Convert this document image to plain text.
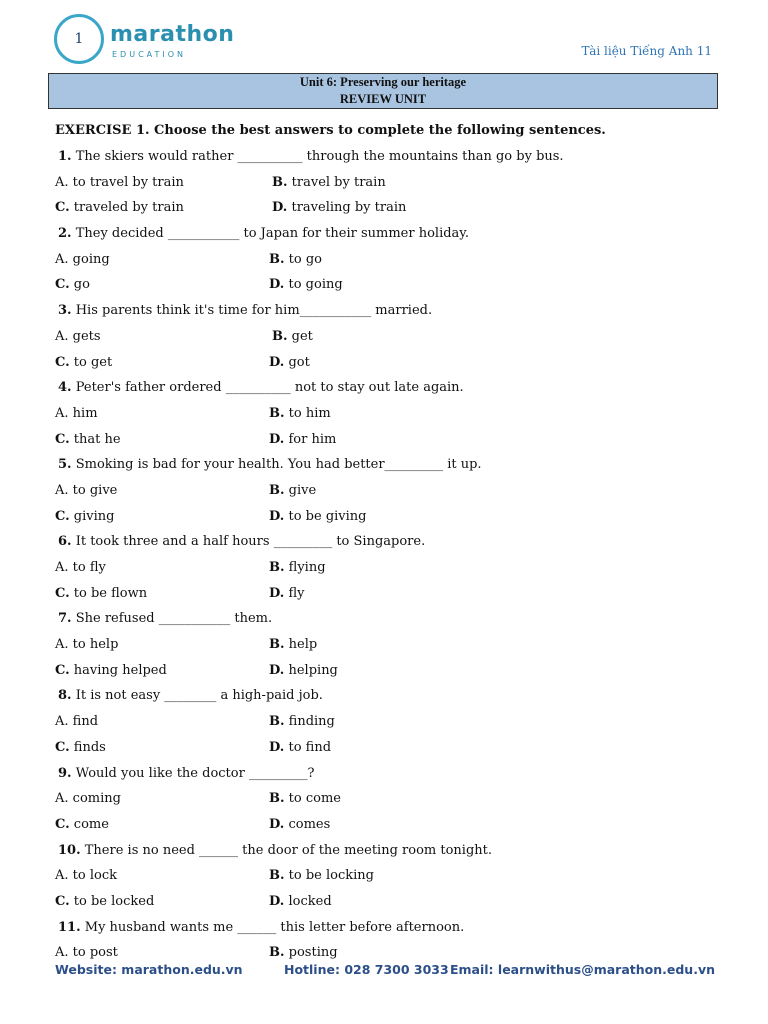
1 marathon
EDUCATION	Tài liệu Tiếng Anh 11
Unit 6: Preserving our heritage
REVIEW UNIT
EXERCISE 1. Choose the best answers to complete the following sentences.
1. The skiers would rather __________ through the mountains than go by bus.
A. to travel by train	B. travel by train
C. traveled by train	D. traveling by train
2. They decided ___________ to Japan for their summer holiday.
A. going	B. to go
C. go	D. to going
3. His parents think it's time for him___________ married.
A. gets	B. get
C. to get	D. got
4. Peter's father ordered __________ not to stay out late again.
A. him	B. to him
C. that he	D. for him
5. Smoking is bad for your health. You had better_________ it up.
A. to give	B. give
C. giving	D. to be giving
6. It took three and a half hours _________ to Singapore.
A. to fly	B. flying
C. to be flown	D. fly
7. She refused ___________ them.
A. to help	B. help
C. having helped	D. helping
8. It is not easy ________ a high-paid job.
A. find	B. finding
C. finds	D. to find
9. Would you like the doctor _________?
A. coming	B. to come
C. come	D. comes
10. There is no need ______ the door of the meeting room tonight.
A. to lock	B. to be locking
C. to be locked	D. locked
11. My husband wants me ______ this letter before afternoon.
A. to post	B. posting
Website: marathon.edu.vn	Hotline: 028 7300 3033 Email: learnwithus@marathon.edu.vn
